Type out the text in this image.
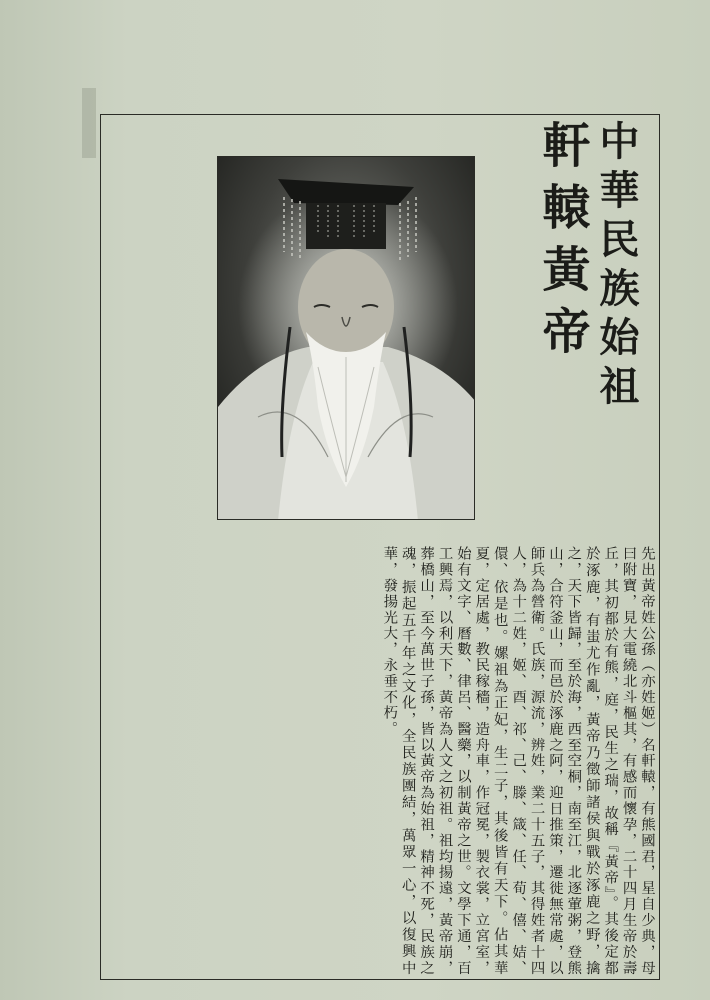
中華民族始祖
軒轅黃帝
先出黃帝姓公孫（亦姓姬）名軒轅，有熊國君，星自少典，母曰附寶，見大電繞北斗樞其，有感而懷孕，二十四月生帝於壽丘，其初都於有熊，庭，民生之瑞，故稱『黃帝』。其後定都於涿鹿，有蚩尤作亂，黃帝乃徵師諸侯與戰於涿鹿之野，擒之，天下皆歸，至於海，西至空桐，南至江，北逐葷粥，登熊山，合符釜山，而邑於涿鹿之阿，迎日推策，遷徙無常處，以師兵為營衛。氏族，源流，辨姓，業二十五子，其得姓者十四人，為十二姓，姬、酉、祁、己、滕、箴、任、荀、僖、姞、儇、依是也。嫘祖為正妃，生二子，其後皆有天下。佔其華夏，定居處，教民稼穡，造舟車，作冠冕，製衣裳，立宮室，始有文字、曆數、律呂、醫藥，以制黃帝之世。文學下通，百工興焉，以利天下，黃帝為人文之初祖。祖均揚遠，黃帝崩，葬橋山，至今萬世子孫，皆以黃帝為始祖，精神不死，民族之魂，振起五千年之文化，全民族團結，萬眾一心，以復興中華，發揚光大，永垂不朽。
